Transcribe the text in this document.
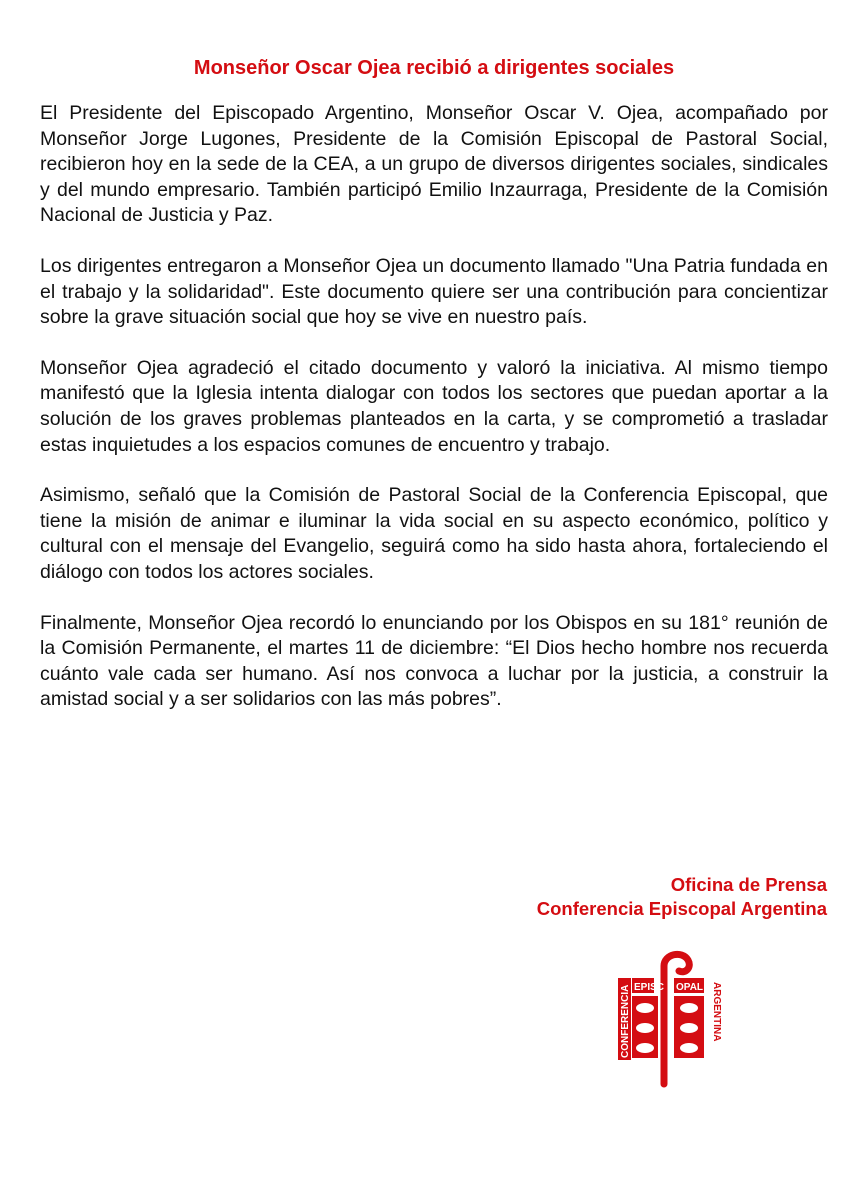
Monseñor Oscar Ojea recibió a dirigentes sociales

El Presidente del Episcopado Argentino, Monseñor Oscar V. Ojea, acompañado por Monseñor Jorge Lugones, Presidente de la Comisión Episcopal de Pastoral Social, recibieron hoy en la sede de la CEA, a un grupo de diversos dirigentes sociales, sindicales y del mundo empresario. También participó Emilio Inzaurraga, Presidente de la Comisión Nacional de Justicia y Paz.

Los dirigentes entregaron a Monseñor Ojea un documento llamado "Una Patria fundada en el trabajo y la solidaridad". Este documento quiere ser una contribución para concientizar sobre la grave situación social que hoy se vive en nuestro país.

Monseñor Ojea agradeció el citado documento y valoró la iniciativa. Al mismo tiempo manifestó que la Iglesia intenta dialogar con todos los sectores que puedan aportar a la solución de los graves problemas planteados en la carta, y se comprometió a trasladar estas inquietudes a los espacios comunes de encuentro y trabajo.

Asimismo, señaló que la Comisión de Pastoral Social de la Conferencia Episcopal, que tiene la misión de animar e iluminar la vida social en su aspecto económico, político y cultural con el mensaje del Evangelio, seguirá como ha sido hasta ahora, fortaleciendo el diálogo con todos los actores sociales.

Finalmente, Monseñor Ojea recordó lo enunciando por los Obispos en su 181° reunión de la Comisión Permanente, el martes 11 de diciembre: “El Dios hecho hombre nos recuerda cuánto vale cada ser humano. Así nos convoca a luchar por la justicia, a construir la amistad social y a ser solidarios con las más pobres”.

Oficina de Prensa
Conferencia Episcopal Argentina
EPISC OPAL
CONFERENCIA	ARGENTINA
